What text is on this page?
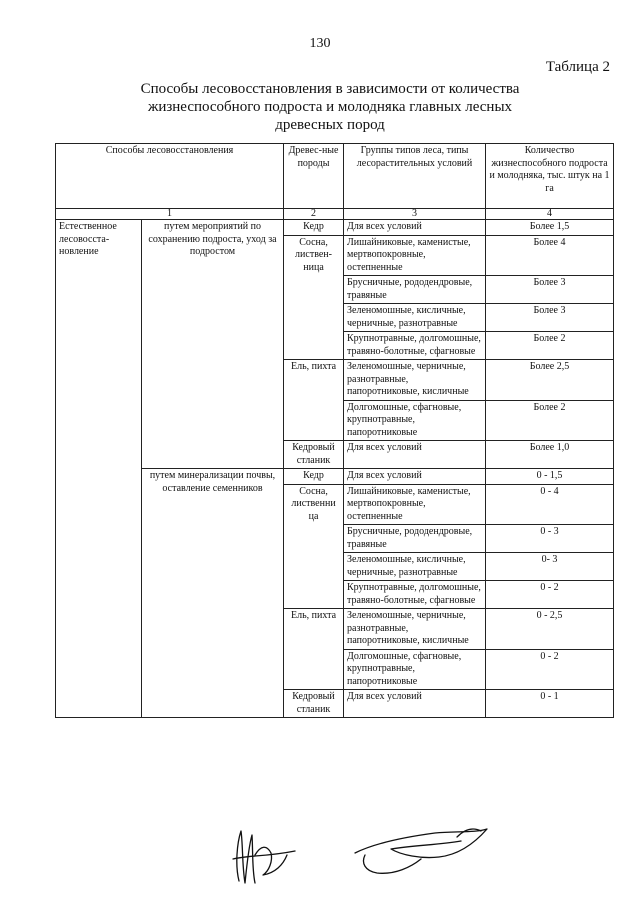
130
Таблица 2
Способы лесовосстановления в зависимости от количества
жизнеспособного подроста и молодняка главных лесных
древесных пород
Способы лесовосстановления		Древес-ные породы	Группы типов леса, типы лесорастительных условий	Количество жизнеспособного подроста и молодняка, тыс. штук на 1 га
1		2	3	4
Естественное лесовосста-новление	путем мероприятий по сохранению подроста, уход за подростом	Кедр	Для всех условий	Более 1,5
		Сосна, листвен-ница	Лишайниковые, каменистые, мертвопокровные, остепненные	Более 4
			Брусничные, рододендровые, травяные	Более 3
			Зеленомошные, кисличные, черничные, разнотравные	Более 3
			Крупнотравные, долгомошные, травяно-болотные, сфагновые	Более 2
		Ель, пихта	Зеленомошные, черничные, разнотравные, папоротниковые, кисличные	Более 2,5
			Долгомошные, сфагновые, крупнотравные, папоротниковые	Более 2
		Кедровый стланик	Для всех условий	Более 1,0
	путем минерализации почвы, оставление семенников	Кедр	Для всех условий	0 - 1,5
		Сосна, лиственни ца	Лишайниковые, каменистые, мертвопокровные, остепненные	0 - 4
			Брусничные, рододендровые, травяные	0 - 3
			Зеленомошные, кисличные, черничные, разнотравные	0- 3
			Крупнотравные, долгомошные, травяно-болотные, сфагновые	0 - 2
		Ель, пихта	Зеленомошные, черничные, разнотравные, папоротниковые, кисличные	0 - 2,5
			Долгомошные, сфагновые, крупнотравные, папоротниковые	0 - 2
		Кедровый стланик	Для всех условий	0 - 1
